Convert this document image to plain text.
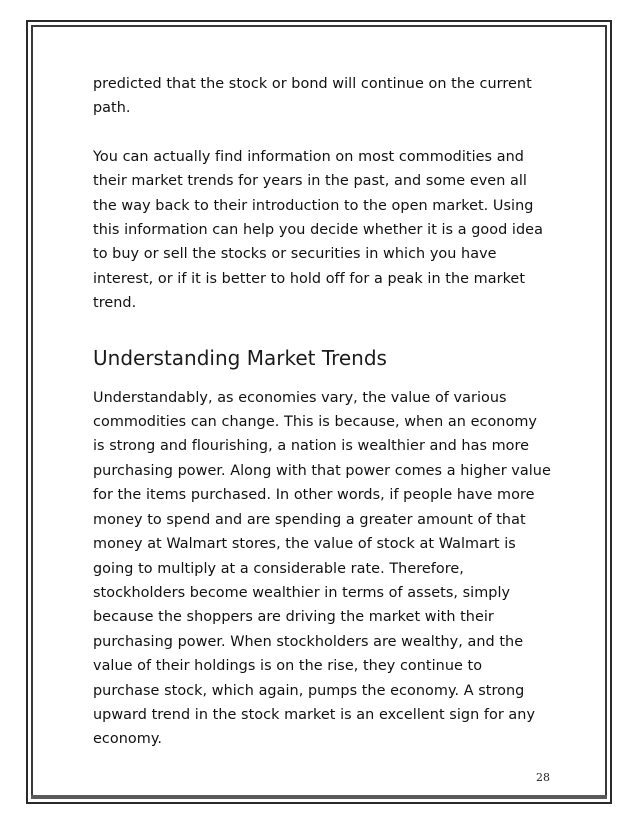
predicted that the stock or bond will continue on the current path.

You can actually find information on most commodities and their market trends for years in the past, and some even all the way back to their introduction to the open market. Using this information can help you decide whether it is a good idea to buy or sell the stocks or securities in which you have interest, or if it is better to hold off for a peak in the market trend.

Understanding Market Trends

Understandably, as economies vary, the value of various commodities can change. This is because, when an economy is strong and flourishing, a nation is wealthier and has more purchasing power. Along with that power comes a higher value for the items purchased. In other words, if people have more money to spend and are spending a greater amount of that money at Walmart stores, the value of stock at Walmart is going to multiply at a considerable rate. Therefore, stockholders become wealthier in terms of assets, simply because the shoppers are driving the market with their purchasing power. When stockholders are wealthy, and the value of their holdings is on the rise, they continue to purchase stock, which again, pumps the economy. A strong upward trend in the stock market is an excellent sign for any economy.

28
